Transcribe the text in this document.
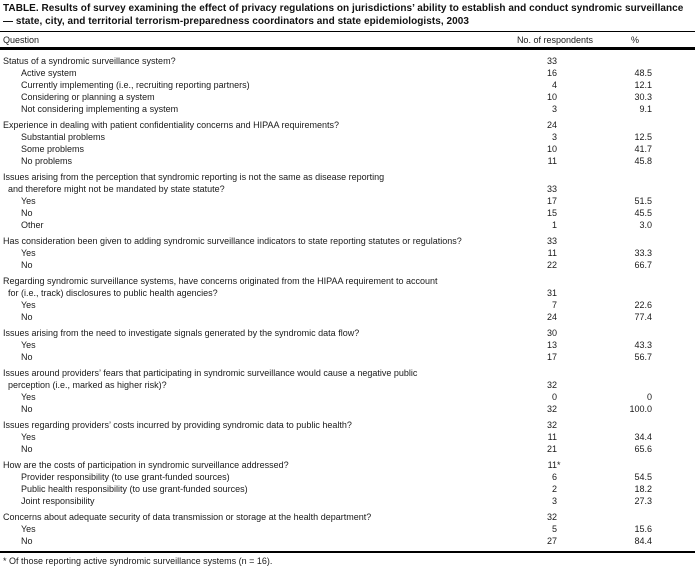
TABLE. Results of survey examining the effect of privacy regulations on jurisdictions’ ability to establish and conduct syndromic surveillance — state, city, and territorial terrorism-preparedness coordinators and state epidemiologists, 2003
Question	No. of respondents	%
Status of a syndromic surveillance system?	33
Active system	16	48.5
Currently implementing (i.e., recruiting reporting partners)	4	12.1
Considering or planning a system	10	30.3
Not considering implementing a system	3	9.1
Experience in dealing with patient confidentiality concerns and HIPAA requirements?	24
Substantial problems	3	12.5
Some problems	10	41.7
No problems	11	45.8
Issues arising from the perception that syndromic reporting is not the same as disease reporting
and therefore might not be mandated by state statute?	33
Yes	17	51.5
No	15	45.5
Other	1	3.0
Has consideration been given to adding syndromic surveillance indicators to state reporting statutes or regulations?	33
Yes	11	33.3
No	22	66.7
Regarding syndromic surveillance systems, have concerns originated from the HIPAA requirement to account
for (i.e., track) disclosures to public health agencies?	31
Yes	7	22.6
No	24	77.4
Issues arising from the need to investigate signals generated by the syndromic data flow?	30
Yes	13	43.3
No	17	56.7
Issues around providers’ fears that participating in syndromic surveillance would cause a negative public
perception (i.e., marked as higher risk)?	32
Yes	0	0
No	32	100.0
Issues regarding providers’ costs incurred by providing syndromic data to public health?	32
Yes	11	34.4
No	21	65.6
How are the costs of participation in syndromic surveillance addressed?	11 *
Provider responsibility (to use grant-funded sources)	6	54.5
Public health responsibility (to use grant-funded sources)	2	18.2
Joint responsibility	3	27.3
Concerns about adequate security of data transmission or storage at the health department?	32
Yes	5	15.6
No	27	84.4
* Of those reporting active syndromic surveillance systems (n = 16).
